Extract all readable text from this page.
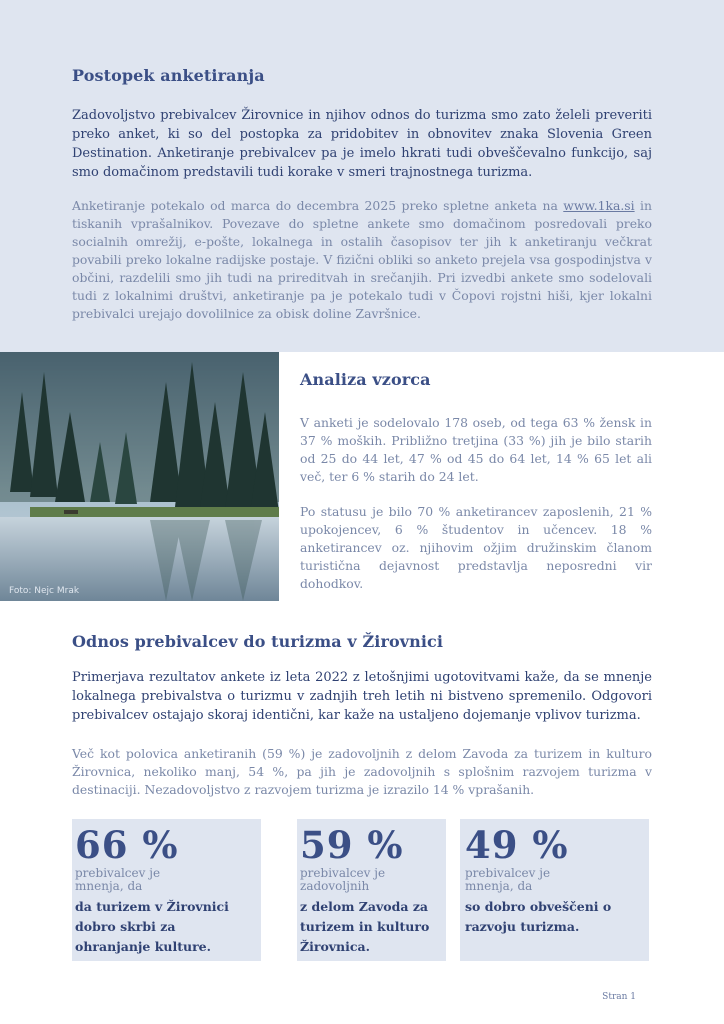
Postopek anketiranja

Zadovoljstvo prebivalcev Žirovnice in njihov odnos do turizma smo zato želeli preveriti preko anket, ki so del postopka za pridobitev in obnovitev znaka Slovenia Green Destination. Anketiranje prebivalcev pa je imelo hkrati tudi obveščevalno funkcijo, saj smo domačinom predstavili tudi korake v smeri trajnostnega turizma.

Anketiranje potekalo od marca do decembra 2025 preko spletne anketa na www.1ka.si in tiskanih vprašalnikov. Povezave do spletne ankete smo domačinom posredovali preko socialnih omrežij, e-pošte, lokalnega in ostalih časopisov ter jih k anketiranju večkrat povabili preko lokalne radijske postaje. V fizični obliki so anketo prejela vsa gospodinjstva v občini, razdelili smo jih tudi na prireditvah in srečanjih. Pri izvedbi ankete smo sodelovali tudi z lokalnimi društvi, anketiranje pa je potekalo tudi v Čopovi rojstni hiši, kjer lokalni prebivalci urejajo dovolilnice za obisk doline Završnice.

Foto: Nejc Mrak
Analiza vzorca

V anketi je sodelovalo 178 oseb, od tega 63 % žensk in 37 % moških. Približno tretjina (33 %) jih je bilo starih od 25 do 44 let, 47 % od 45 do 64 let, 14 % 65 let ali več, ter 6 % starih do 24 let.

Po statusu je bilo 70 % anketirancev zaposlenih, 21 % upokojencev, 6 % študentov in učencev. 18 % anketirancev oz. njihovim ožjim družinskim članom turistična dejavnost predstavlja neposredni vir dohodkov.

Odnos prebivalcev do turizma v Žirovnici

Primerjava rezultatov ankete iz leta 2022 z letošnjimi ugotovitvami kaže, da se mnenje lokalnega prebivalstva o turizmu v zadnjih treh letih ni bistveno spremenilo. Odgovori prebivalcev ostajajo skoraj identični, kar kaže na ustaljeno dojemanje vplivov turizma.

Več kot polovica anketiranih (59 %) je zadovoljnih z delom Zavoda za turizem in kulturo Žirovnica, nekoliko manj, 54 %, pa jih je zadovoljnih s splošnim razvojem turizma v destinaciji. Nezadovoljstvo z razvojem turizma je izrazilo 14 % vprašanih.

66 %
prebivalcev je mnenja, da
da turizem v Žirovnici dobro skrbi za ohranjanje kulture.
59 %
prebivalcev je zadovoljnih
z delom Zavoda za turizem in kulturo Žirovnica.
49 %
prebivalcev je mnenja, da
so dobro obveščeni o razvoju turizma.
Stran 1
